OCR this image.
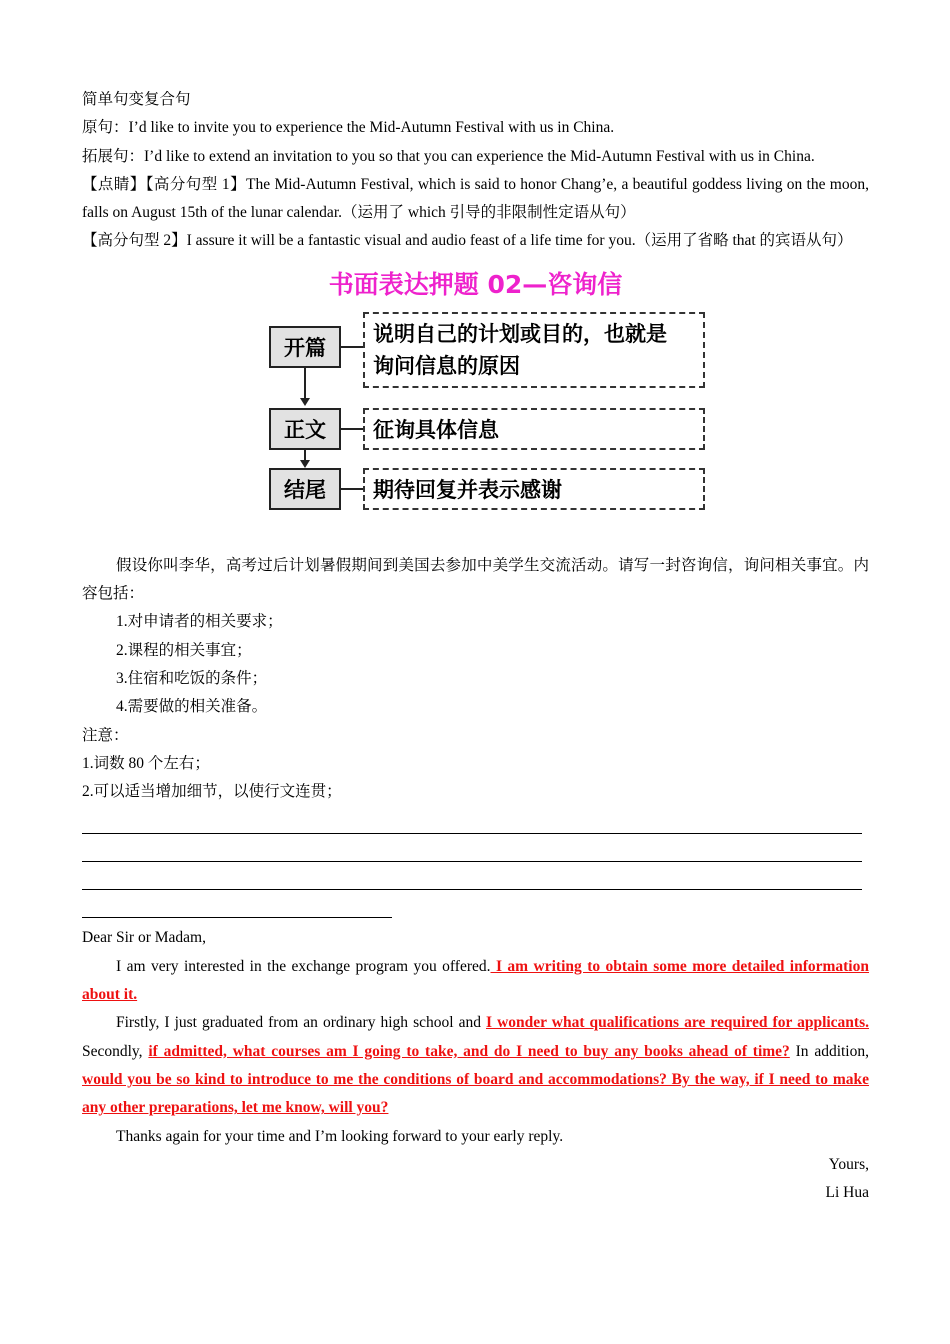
简单句变复合句

原句：I’d like to invite you to experience the Mid-Autumn Festival with us in China.

拓展句：I’d like to extend an invitation to you so that you can experience the Mid-Autumn Festival with us in China.

【点睛】【高分句型 1】The Mid-Autumn Festival, which is said to honor Chang’e, a beautiful goddess living on the moon, falls on August 15th of the lunar calendar.（运用了 which 引导的非限制性定语从句）

【高分句型 2】I assure it will be a fantastic visual and audio feast of a life time for you.（运用了省略 that 的宾语从句）

书面表达押题 02—咨询信
开篇
说明自己的计划或目的，也就是
询问信息的原因
正文	征询具体信息
结尾	期待回复并表示感谢

假设你叫李华，高考过后计划暑假期间到美国去参加中美学生交流活动。请写一封咨询信，询问相关事宜。内容包括：

1.对申请者的相关要求；

2.课程的相关事宜；

3.住宿和吃饭的条件；

4.需要做的相关准备。

注意：

1.词数 80 个左右；

2.可以适当增加细节，以使行文连贯；

Dear Sir or Madam,

I am very interested in the exchange program you offered. I am writing to obtain some more detailed information about it.

Firstly, I just graduated from an ordinary high school and I wonder what qualifications are required for applicants. Secondly, if admitted, what courses am I going to take, and do I need to buy any books ahead of time? In addition, would you be so kind to introduce to me the conditions of board and accommodations? By the way, if I need to make any other preparations, let me know, will you?

Thanks again for your time and I’m looking forward to your early reply.

Yours,

Li Hua
